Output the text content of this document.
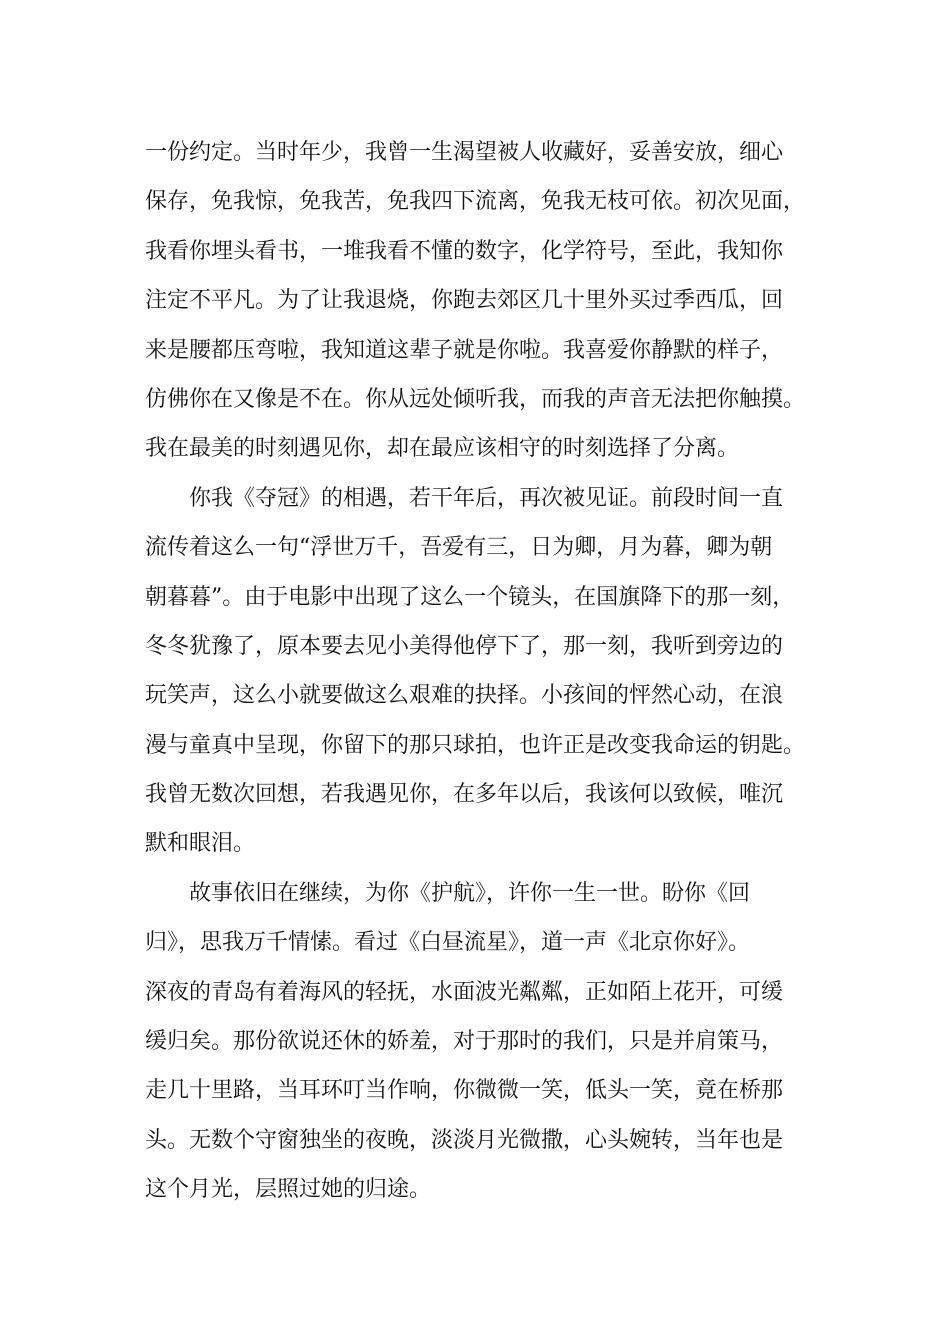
一份约定。当时年少，我曾一生渴望被人收藏好，妥善安放，细心
保存，免我惊，免我苦，免我四下流离，免我无枝可依。初次见面，
我看你埋头看书，一堆我看不懂的数字，化学符号，至此，我知你
注定不平凡。为了让我退烧，你跑去郊区几十里外买过季西瓜，回
来是腰都压弯啦，我知道这辈子就是你啦。我喜爱你静默的样子，
仿佛你在又像是不在。你从远处倾听我，而我的声音无法把你触摸。
我在最美的时刻遇见你，却在最应该相守的时刻选择了分离。
你我《夺冠》的相遇，若干年后，再次被见证。前段时间一直
流传着这么一句“浮世万千，吾爱有三，日为卿，月为暮，卿为朝
朝暮暮”。由于电影中出现了这么一个镜头，在国旗降下的那一刻，
冬冬犹豫了，原本要去见小美得他停下了，那一刻，我听到旁边的
玩笑声，这么小就要做这么艰难的抉择。小孩间的怦然心动，在浪
漫与童真中呈现，你留下的那只球拍，也许正是改变我命运的钥匙。
我曾无数次回想，若我遇见你，在多年以后，我该何以致候，唯沉
默和眼泪。
故事依旧在继续，为你《护航》，许你一生一世。盼你《回
归》，思我万千情愫。看过《白昼流星》，道一声《北京你好》。
深夜的青岛有着海风的轻抚，水面波光粼粼，正如陌上花开，可缓
缓归矣。那份欲说还休的娇羞，对于那时的我们，只是并肩策马，
走几十里路，当耳环叮当作响，你微微一笑，低头一笑，竟在桥那
头。无数个守窗独坐的夜晚，淡淡月光微撒，心头婉转，当年也是
这个月光，层照过她的归途。
